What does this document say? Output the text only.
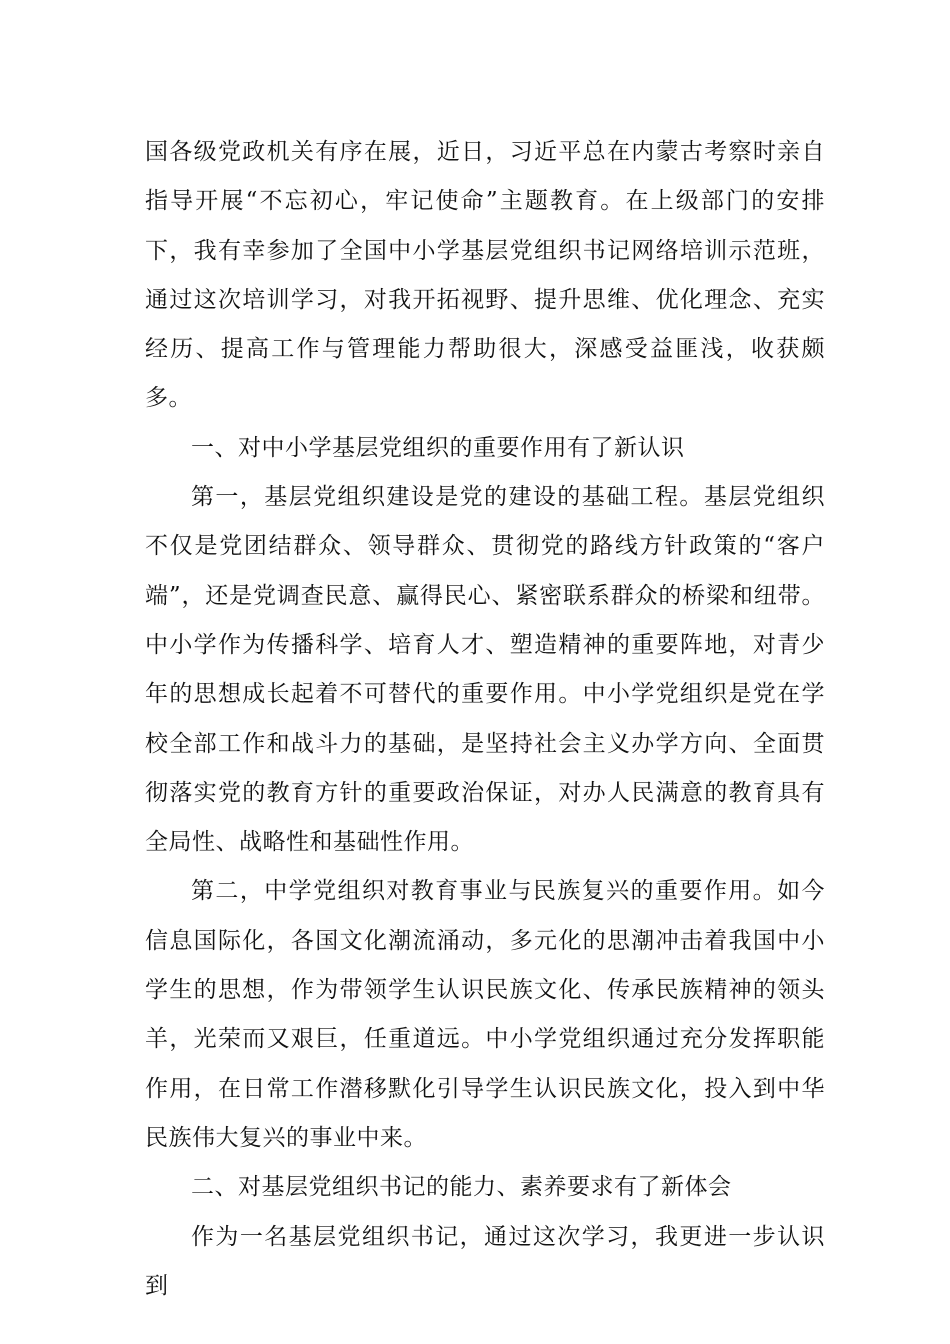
国各级党政机关有序在展，近日，习近平总在内蒙古考察时亲自指导开展“不忘初心，牢记使命”主题教育。在上级部门的安排下，我有幸参加了全国中小学基层党组织书记网络培训示范班，通过这次培训学习，对我开拓视野、提升思维、优化理念、充实经历、提高工作与管理能力帮助很大，深感受益匪浅，收获颇多。

一、对中小学基层党组织的重要作用有了新认识

第一，基层党组织建设是党的建设的基础工程。基层党组织不仅是党团结群众、领导群众、贯彻党的路线方针政策的“客户端”，还是党调查民意、赢得民心、紧密联系群众的桥梁和纽带。中小学作为传播科学、培育人才、塑造精神的重要阵地，对青少年的思想成长起着不可替代的重要作用。中小学党组织是党在学校全部工作和战斗力的基础，是坚持社会主义办学方向、全面贯彻落实党的教育方针的重要政治保证，对办人民满意的教育具有全局性、战略性和基础性作用。

第二，中学党组织对教育事业与民族复兴的重要作用。如今信息国际化，各国文化潮流涌动，多元化的思潮冲击着我国中小学生的思想，作为带领学生认识民族文化、传承民族精神的领头羊，光荣而又艰巨，任重道远。中小学党组织通过充分发挥职能作用，在日常工作潜移默化引导学生认识民族文化，投入到中华民族伟大复兴的事业中来。

二、对基层党组织书记的能力、素养要求有了新体会

作为一名基层党组织书记，通过这次学习，我更进一步认识到
